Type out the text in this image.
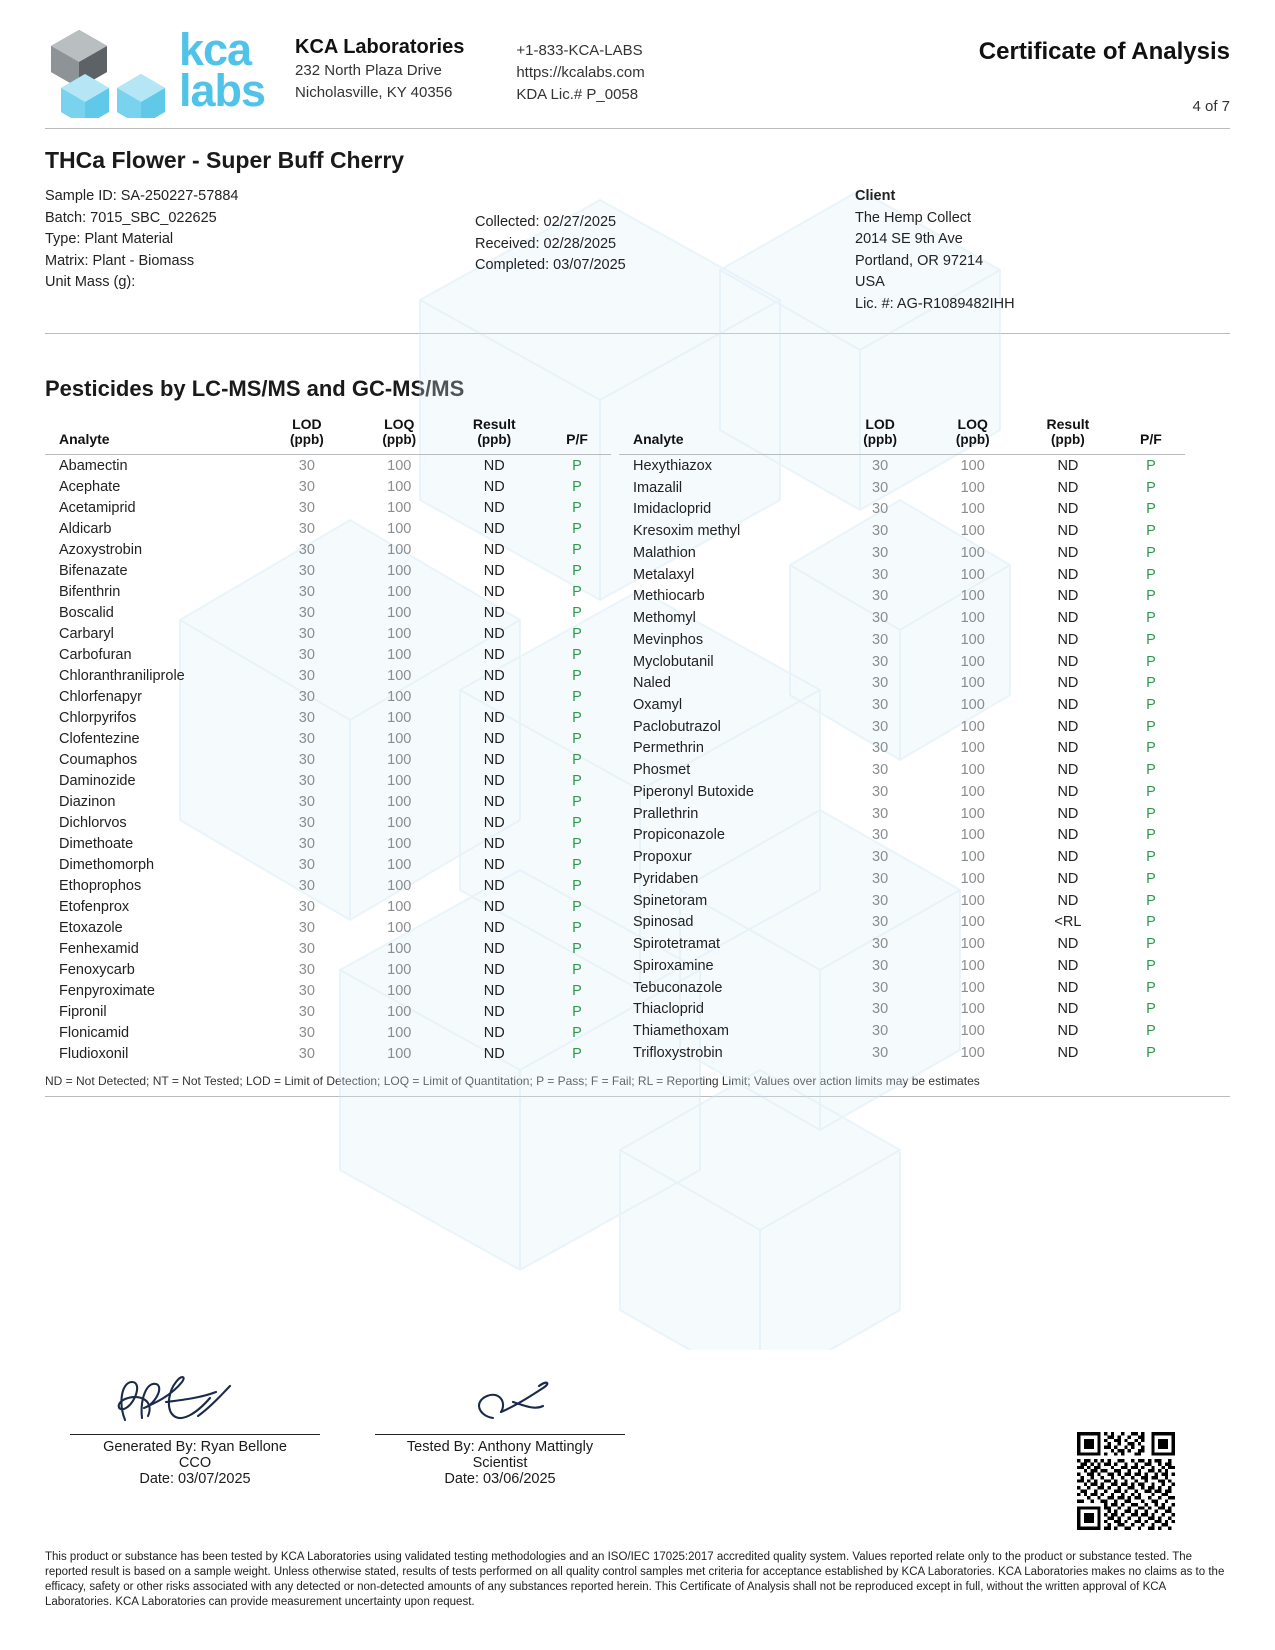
kca
labs
KCA Laboratories
232 North Plaza Drive
Nicholasville, KY 40356
+1-833-KCA-LABS
https://kcalabs.com
KDA Lic.# P_0058
Certificate of Analysis
4 of 7
THCa Flower - Super Buff Cherry
Sample ID: SA-250227-57884
Batch: 7015_SBC_022625
Type: Plant Material
Matrix: Plant - Biomass
Unit Mass (g):
Collected: 02/27/2025
Received: 02/28/2025
Completed: 03/07/2025
Client
The Hemp Collect
2014 SE 9th Ave
Portland, OR 97214
USA
Lic. #: AG-R1089482IHH
Pesticides by LC-MS/MS and GC-MS/MS
Analyte

LOD
(ppb)

LOQ
(ppb)

Result
(ppb)	P/F

Abamectin	30	100	ND	P
Acephate	30	100	ND	P
Acetamiprid	30	100	ND	P
Aldicarb	30	100	ND	P
Azoxystrobin	30	100	ND	P
Bifenazate	30	100	ND	P
Bifenthrin	30	100	ND	P
Boscalid	30	100	ND	P
Carbaryl	30	100	ND	P
Carbofuran	30	100	ND	P
Chloranthraniliprole	30	100	ND	P
Chlorfenapyr	30	100	ND	P
Chlorpyrifos	30	100	ND	P
Clofentezine	30	100	ND	P
Coumaphos	30	100	ND	P
Daminozide	30	100	ND	P
Diazinon	30	100	ND	P
Dichlorvos	30	100	ND	P
Dimethoate	30	100	ND	P
Dimethomorph	30	100	ND	P
Ethoprophos	30	100	ND	P
Etofenprox	30	100	ND	P
Etoxazole	30	100	ND	P
Fenhexamid	30	100	ND	P
Fenoxycarb	30	100	ND	P
Fenpyroximate	30	100	ND	P
Fipronil	30	100	ND	P
Flonicamid	30	100	ND	P
Fludioxonil	30	100	ND	P
Analyte

LOD
(ppb)

LOQ
(ppb)

Result
(ppb)	P/F

Hexythiazox	30	100	ND	P
Imazalil	30	100	ND	P
Imidacloprid	30	100	ND	P
Kresoxim methyl	30	100	ND	P
Malathion	30	100	ND	P
Metalaxyl	30	100	ND	P
Methiocarb	30	100	ND	P
Methomyl	30	100	ND	P
Mevinphos	30	100	ND	P
Myclobutanil	30	100	ND	P
Naled	30	100	ND	P
Oxamyl	30	100	ND	P
Paclobutrazol	30	100	ND	P
Permethrin	30	100	ND	P
Phosmet	30	100	ND	P
Piperonyl Butoxide	30	100	ND	P
Prallethrin	30	100	ND	P
Propiconazole	30	100	ND	P
Propoxur	30	100	ND	P
Pyridaben	30	100	ND	P
Spinetoram	30	100	ND	P
Spinosad	30	100	<RL	P
Spirotetramat	30	100	ND	P
Spiroxamine	30	100	ND	P
Tebuconazole	30	100	ND	P
Thiacloprid	30	100	ND	P
Thiamethoxam	30	100	ND	P
Trifloxystrobin	30	100	ND	P
ND = Not Detected; NT = Not Tested; LOD = Limit of Detection; LOQ = Limit of Quantitation; P = Pass; F = Fail; RL = Reporting Limit; Values over action limits may be estimates
Generated By: Ryan Bellone
CCO
Date: 03/07/2025
Tested By: Anthony Mattingly
Scientist
Date: 03/06/2025
This product or substance has been tested by KCA Laboratories using validated testing methodologies and an ISO/IEC 17025:2017 accredited quality system. Values reported relate only to the product or substance tested. The reported result is based on a sample weight. Unless otherwise stated, results of tests performed on all quality control samples met criteria for acceptance established by KCA Laboratories. KCA Laboratories makes no claims as to the efficacy, safety or other risks associated with any detected or non-detected amounts of any substances reported herein. This Certificate of Analysis shall not be reproduced except in full, without the written approval of KCA Laboratories. KCA Laboratories can provide measurement uncertainty upon request.
